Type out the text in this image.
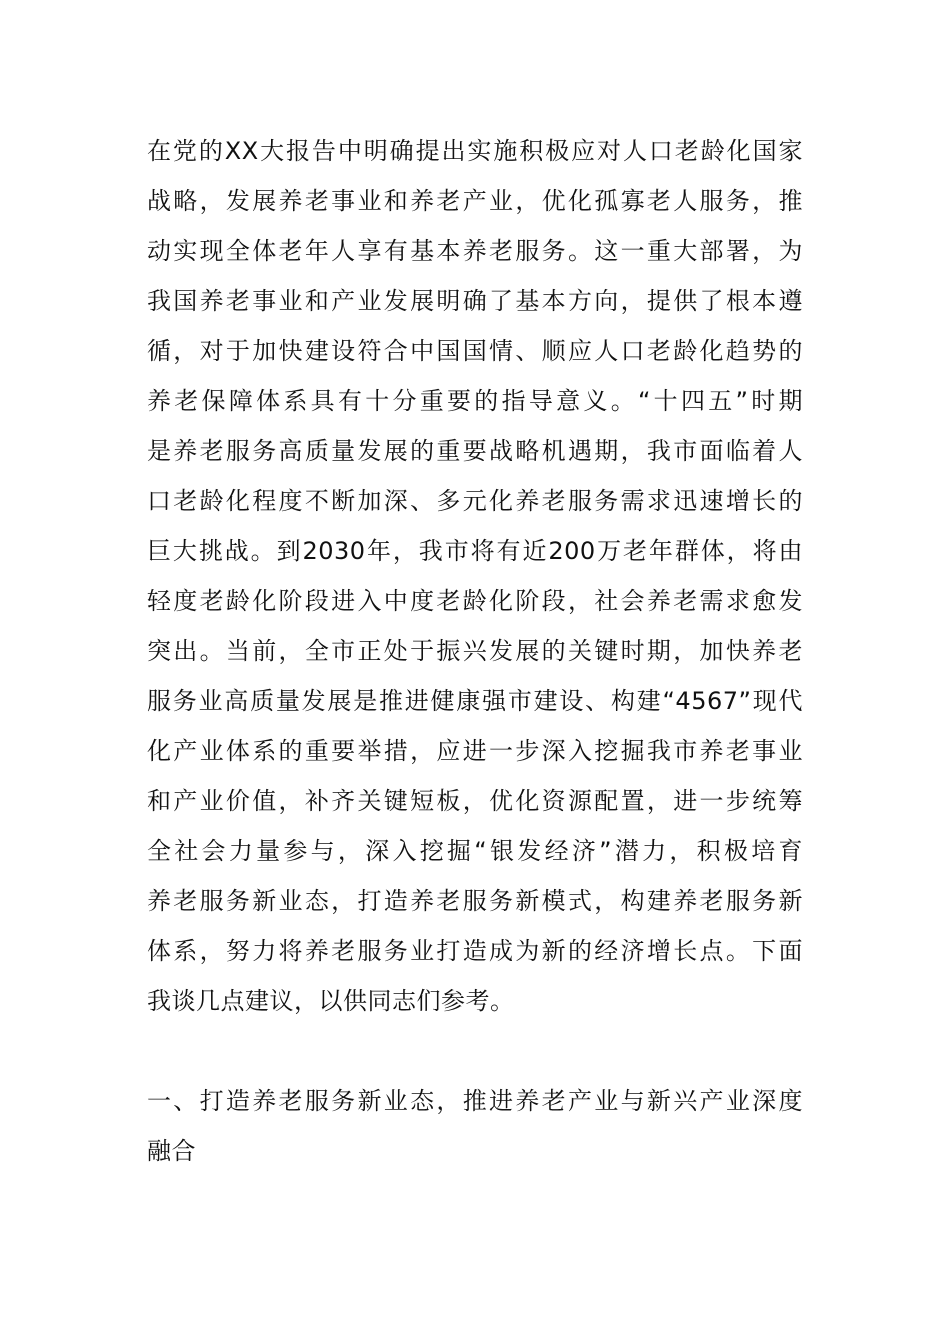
在党的XX大报告中明确提出实施积极应对人口老龄化国家
战略，发展养老事业和养老产业，优化孤寡老人服务，推
动实现全体老年人享有基本养老服务。这一重大部署，为
我国养老事业和产业发展明确了基本方向，提供了根本遵
循，对于加快建设符合中国国情、顺应人口老龄化趋势的
养老保障体系具有十分重要的指导意义。“十四五”时期
是养老服务高质量发展的重要战略机遇期，我市面临着人
口老龄化程度不断加深、多元化养老服务需求迅速增长的
巨大挑战。到2030年，我市将有近200万老年群体，将由
轻度老龄化阶段进入中度老龄化阶段，社会养老需求愈发
突出。当前，全市正处于振兴发展的关键时期，加快养老
服务业高质量发展是推进健康强市建设、构建“4567”现代
化产业体系的重要举措，应进一步深入挖掘我市养老事业
和产业价值，补齐关键短板，优化资源配置，进一步统筹
全社会力量参与，深入挖掘“银发经济”潜力，积极培育
养老服务新业态，打造养老服务新模式，构建养老服务新
体系，努力将养老服务业打造成为新的经济增长点。下面
我谈几点建议，以供同志们参考。
一、打造养老服务新业态，推进养老产业与新兴产业深度
融合
